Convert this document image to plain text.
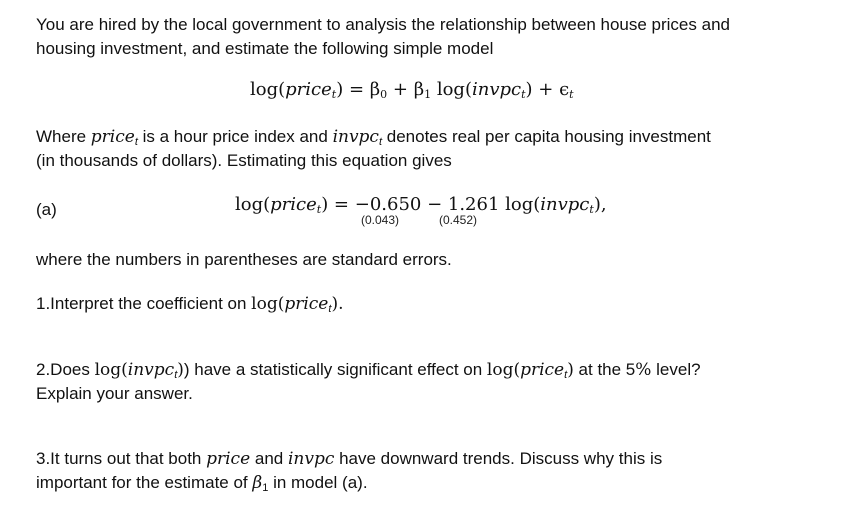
You are hired by the local government to analysis the relationship between house prices and

housing investment, and estimate the following simple model

log(price$_t$) = $\beta_0 + \beta_1$ log(invpc$_t$) + $\epsilon_t$

Where price$_t$ is a hour price index and invpc$_t$ denotes real per capita housing investment

(in thousands of dollars). Estimating this equation gives

(a)	log(price$_t$) = −0.650 − 1.261 log(invpc$_t$),
(0.043)	(0.452)

where the numbers in parentheses are standard errors.

1.Interpret the coefficient on log(price$_t$).

2.Does log(invpc$_t$)) have a statistically significant effect on log(price$_t$) at the 5% level?

Explain your answer.

3.It turns out that both price and invpc have downward trends. Discuss why this is

important for the estimate of $\beta_1$ in model (a).
